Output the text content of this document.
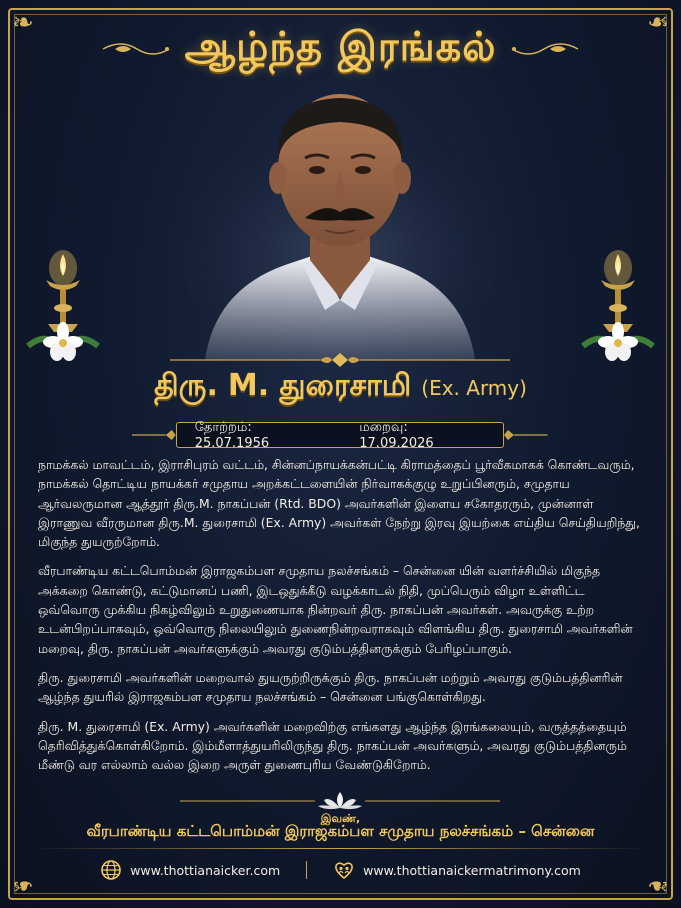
❧	❧
❧	❧
ஆழ்ந்த இரங்கல்
திரு. M. துரைசாமி (Ex. Army)
தோற்றம்: 25.07.1956
மறைவு: 17.09.2026

நாமக்கல் மாவட்டம், இராசிபுரம் வட்டம், சின்னப்நாயக்கன்பட்டி கிராமத்தைப் பூர்வீகமாகக் கொண்டவரும், நாமக்கல் தொட்டிய நாயக்கர் சமுதாய அறக்கட்டளையின் நிர்வாகக்குழு உறுப்பினரும், சமுதாய ஆர்வலருமான ஆத்தூர் திரு.M. நாகப்பன் (Rtd. BDO) அவர்களின் இளைய சகோதரரும், முன்னாள் இராணுவ வீரருமான திரு.M. துரைசாமி (Ex. Army) அவர்கள் நேற்று இரவு இயற்கை எய்திய செய்தியறிந்து, மிகுந்த துயருற்றோம்.

வீரபாண்டிய கட்டபொம்மன் இராஜகம்பள சமுதாய நலச்சங்கம் – சென்னை யின் வளர்ச்சியில் மிகுந்த அக்கறை கொண்டு, கட்டுமானப் பணி, இடஒதுக்கீடு வழக்காடல் நிதி, முப்பெரும் விழா உள்ளிட்ட ஒவ்வொரு முக்கிய நிகழ்விலும் உறுதுணையாக நின்றவர் திரு. நாகப்பன் அவர்கள். அவருக்கு உற்ற உடன்பிறப்பாகவும், ஒவ்வொரு நிலையிலும் துணைநின்றவராகவும் விளங்கிய திரு. துரைசாமி அவர்களின் மறைவு, திரு. நாகப்பன் அவர்களுக்கும் அவரது குடும்பத்தினருக்கும் பேரிழப்பாகும்.

திரு. துரைசாமி அவர்களின் மறைவால் துயருற்றிருக்கும் திரு. நாகப்பன் மற்றும் அவரது குடும்பத்தினரின் ஆழ்ந்த துயரில் இராஜகம்பள சமுதாய நலச்சங்கம் – சென்னை பங்குகொள்கிறது.

திரு. M. துரைசாமி (Ex. Army) அவர்களின் மறைவிற்கு எங்களது ஆழ்ந்த இரங்கலையும், வருத்தத்தையும் தெரிவித்துக்கொள்கிறோம். இம்மீளாத்துயரிலிருந்து திரு. நாகப்பன் அவர்களும், அவரது குடும்பத்தினரும் மீண்டு வர எல்லாம் வல்ல இறை அருள் துணைபுரிய வேண்டுகிறோம்.

இவண்,
வீரபாண்டிய கட்டபொம்மன் இராஜகம்பள சமுதாய நலச்சங்கம் – சென்னை
www.thottianaicker.com	www.thottianaickermatrimony.com
